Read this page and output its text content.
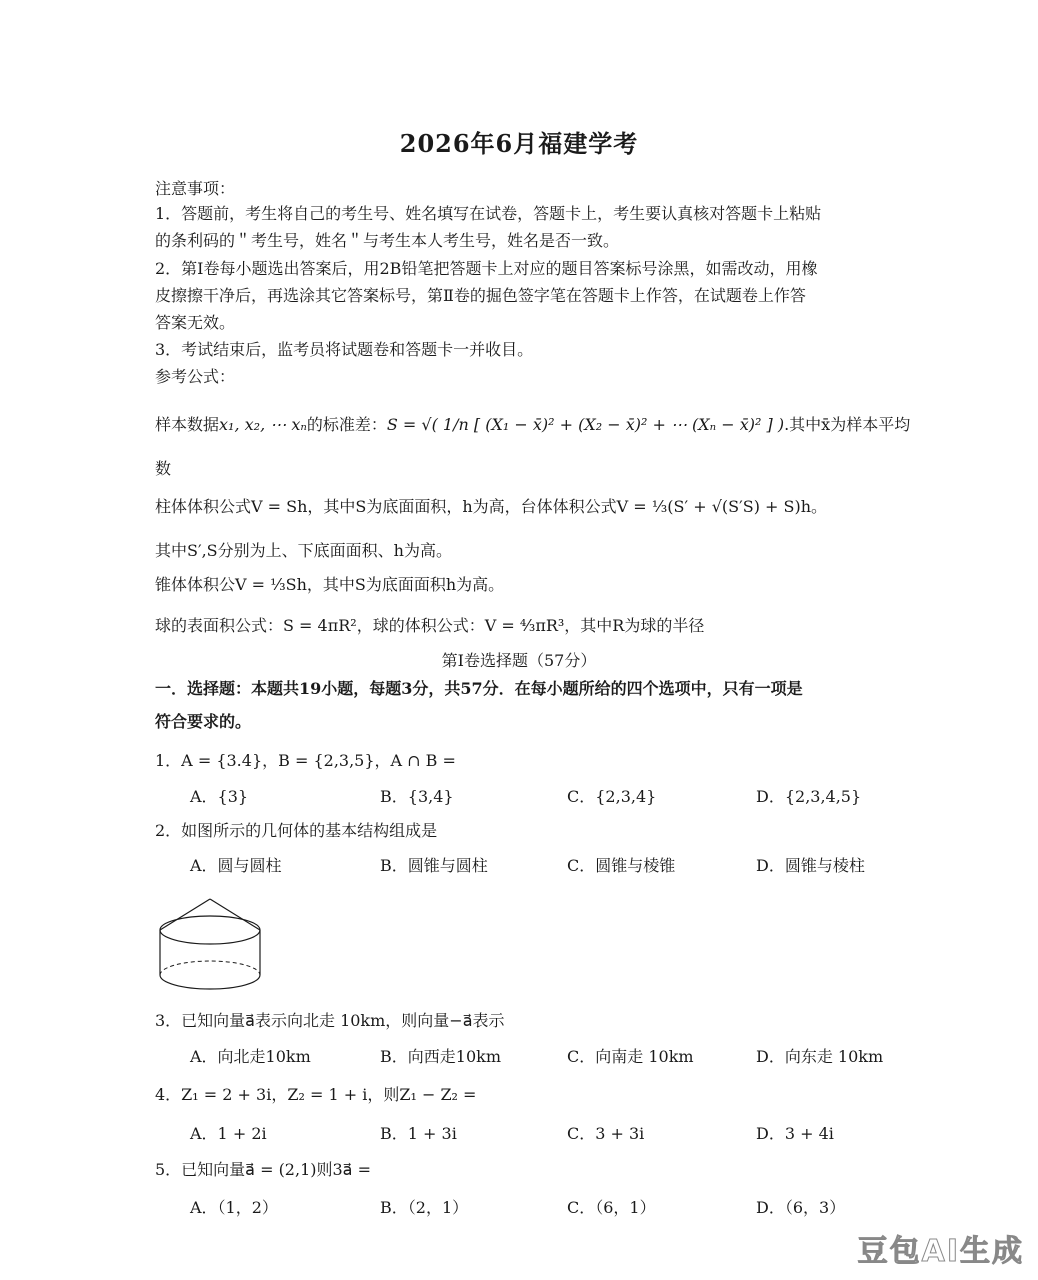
2026年6月福建学考
注意事项：
1．答题前，考生将自己的考生号、姓名填写在试卷，答题卡上，考生要认真核对答题卡上粘贴
的条利码的＂考生号，姓名＂与考生本人考生号，姓名是否一致。
2．第Ⅰ卷每小题选出答案后，用2B铅笔把答题卡上对应的题目答案标号涂黑，如需改动，用橡
皮擦擦干净后，再选涂其它答案标号，第Ⅱ卷的掘色签字笔在答题卡上作答，在试题卷上作答
答案无效。
3．考试结束后，监考员将试题卷和答题卡一并收目。
参考公式：
样本数据x₁, x₂, ⋯ xₙ的标准差：S = √( 1/n [ (X₁ − x̄)² + (X₂ − x̄)² + ⋯ (Xₙ − x̄)² ] ).其中x̄为样本平均
数
柱体体积公式V = Sh，其中S为底面面积，h为高，台体体积公式V = ⅓(S′ + √(S′S) + S)h。
其中S′,S分别为上、下底面面积、h为高。
锥体体积公V = ⅓Sh，其中S为底面面积h为高。
球的表面积公式：S = 4πR²，球的体积公式：V = ⁴⁄₃πR³，其中R为球的半径
第Ⅰ卷选择题（57分）
一．选择题：本题共19小题，每题3分，共57分．在每小题所给的四个选项中，只有一项是
符合要求的。
1．A = {3.4}，B = {2,3,5}，A ∩ B =
A．{3}	B．{3,4}	C．{2,3,4}	D．{2,3,4,5}
2．如图所示的几何体的基本结构组成是
A．圆与圆柱	B．圆锥与圆柱	C．圆锥与棱锥	D．圆锥与棱柱
3．已知向量a⃗表示向北走 10km，则向量−a⃗表示
A．向北走10km	B．向西走10km	C．向南走 10km	D．向东走 10km
4．Z₁ = 2 + 3i，Z₂ = 1 + i，则Z₁ − Z₂ =
A．1 + 2i	B．1 + 3i	C．3 + 3i	D．3 + 4i
5．已知向量a⃗ = (2,1)则3a⃗ =
A．（1，2）	B．（2，1）	C．（6，1）	D．（6，3）
豆包AI生成
